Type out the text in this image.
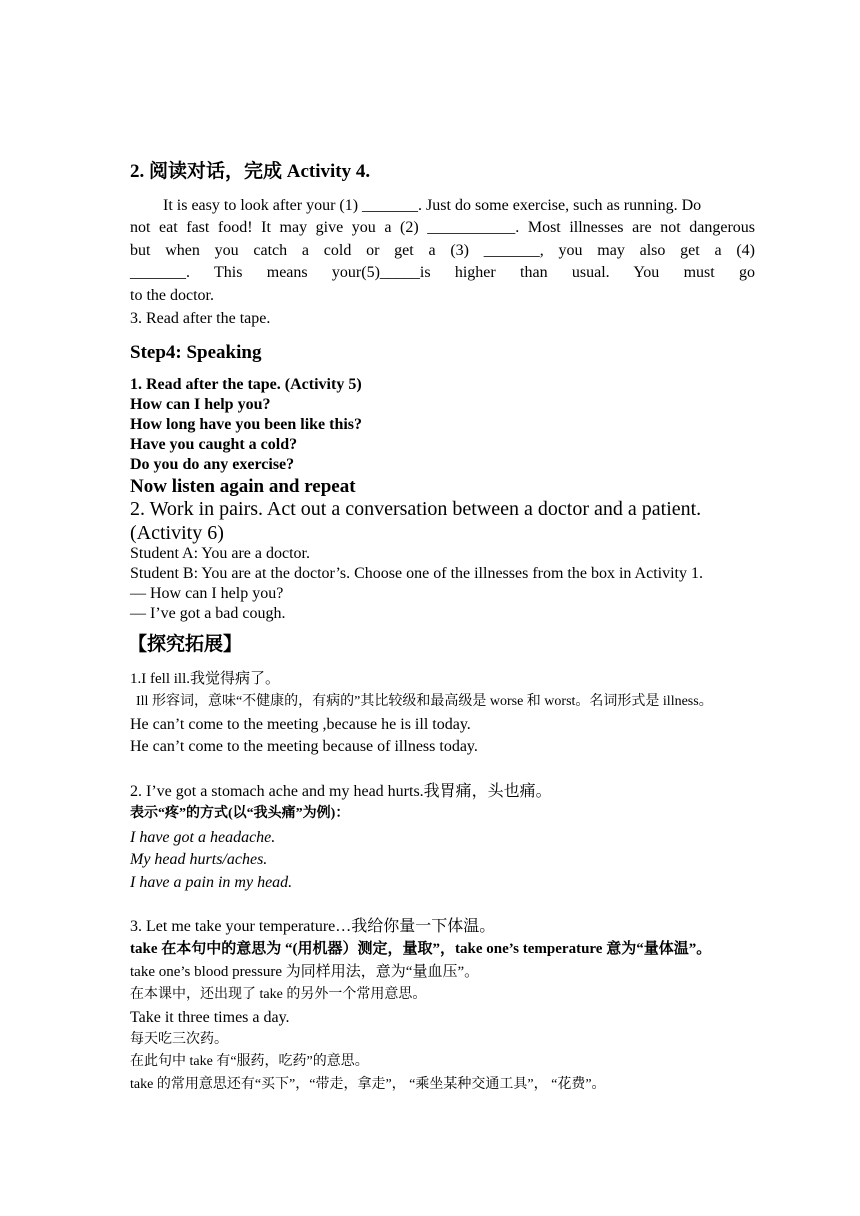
2. 阅读对话，完成 Activity 4.
It is easy to look after your (1) _______. Just do some exercise, such as running. Do
not eat fast food! It may give you a (2) ___________. Most illnesses are not dangerous
but when you catch a cold or get a (3) _______, you may also get a (4)
_______. This means your(5)_____is higher than usual. You must go
to the doctor.
3. Read after the tape.
Step4: Speaking
1. Read after the tape. (Activity 5)
How can I help you?
How long have you been like this?
Have you caught a cold?
Do you do any exercise?
Now listen again and repeat
2. Work in pairs. Act out a conversation between a doctor and a patient.
(Activity 6)
Student A: You are a doctor.
Student B: You are at the doctor’s. Choose one of the illnesses from the box in Activity 1.
— How can I help you?
— I’ve got a bad cough.
【探究拓展】
1.I fell ill.我觉得病了。
Ill 形容词，意味“不健康的，有病的”其比较级和最高级是 worse 和 worst。名词形式是 illness。
He can’t come to the meeting ,because he is ill today.
He can’t come to the meeting because of illness today.
2. I’ve got a stomach ache and my head hurts.我胃痛，头也痛。
表示“疼”的方式(以“我头痛”为例)：
I have got a headache.
My head hurts/aches.
I have a pain in my head.
3. Let me take your temperature…我给你量一下体温。
take 在本句中的意思为 “(用机器）测定，量取”，take one’s temperature 意为“量体温”。
take one’s blood pressure 为同样用法，意为“量血压”。
在本课中，还出现了 take 的另外一个常用意思。
Take it three times a day.
每天吃三次药。
在此句中 take 有“服药，吃药”的意思。
take 的常用意思还有“买下”，“带走，拿走”， “乘坐某种交通工具”， “花费”。
